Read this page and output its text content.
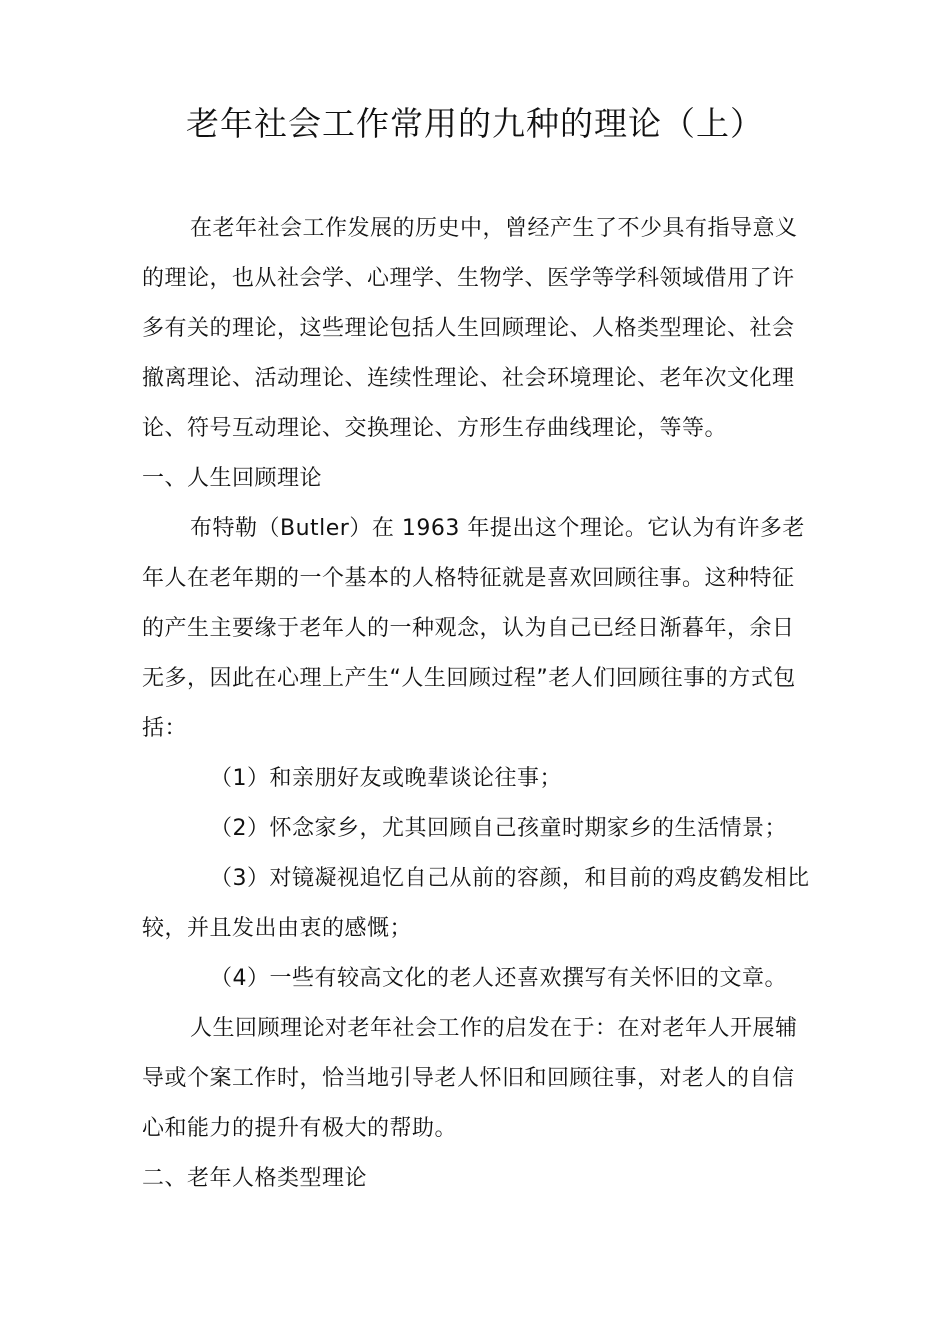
老年社会工作常用的九种的理论（上）

在老年社会工作发展的历史中，曾经产生了不少具有指导意义的理论，也从社会学、心理学、生物学、医学等学科领域借用了许多有关的理论，这些理论包括人生回顾理论、人格类型理论、社会撤离理论、活动理论、连续性理论、社会环境理论、老年次文化理论、符号互动理论、交换理论、方形生存曲线理论，等等。

一、人生回顾理论

布特勒（Butler）在 1963 年提出这个理论。它认为有许多老年人在老年期的一个基本的人格特征就是喜欢回顾往事。这种特征的产生主要缘于老年人的一种观念，认为自己已经日渐暮年，余日无多，因此在心理上产生“人生回顾过程”老人们回顾往事的方式包括：

（1）和亲朋好友或晚辈谈论往事；

（2）怀念家乡，尤其回顾自己孩童时期家乡的生活情景；

（3）对镜凝视追忆自己从前的容颜，和目前的鸡皮鹤发相比较，并且发出由衷的感慨；

（4）一些有较高文化的老人还喜欢撰写有关怀旧的文章。

人生回顾理论对老年社会工作的启发在于：在对老年人开展辅导或个案工作时，恰当地引导老人怀旧和回顾往事，对老人的自信心和能力的提升有极大的帮助。

二、老年人格类型理论
